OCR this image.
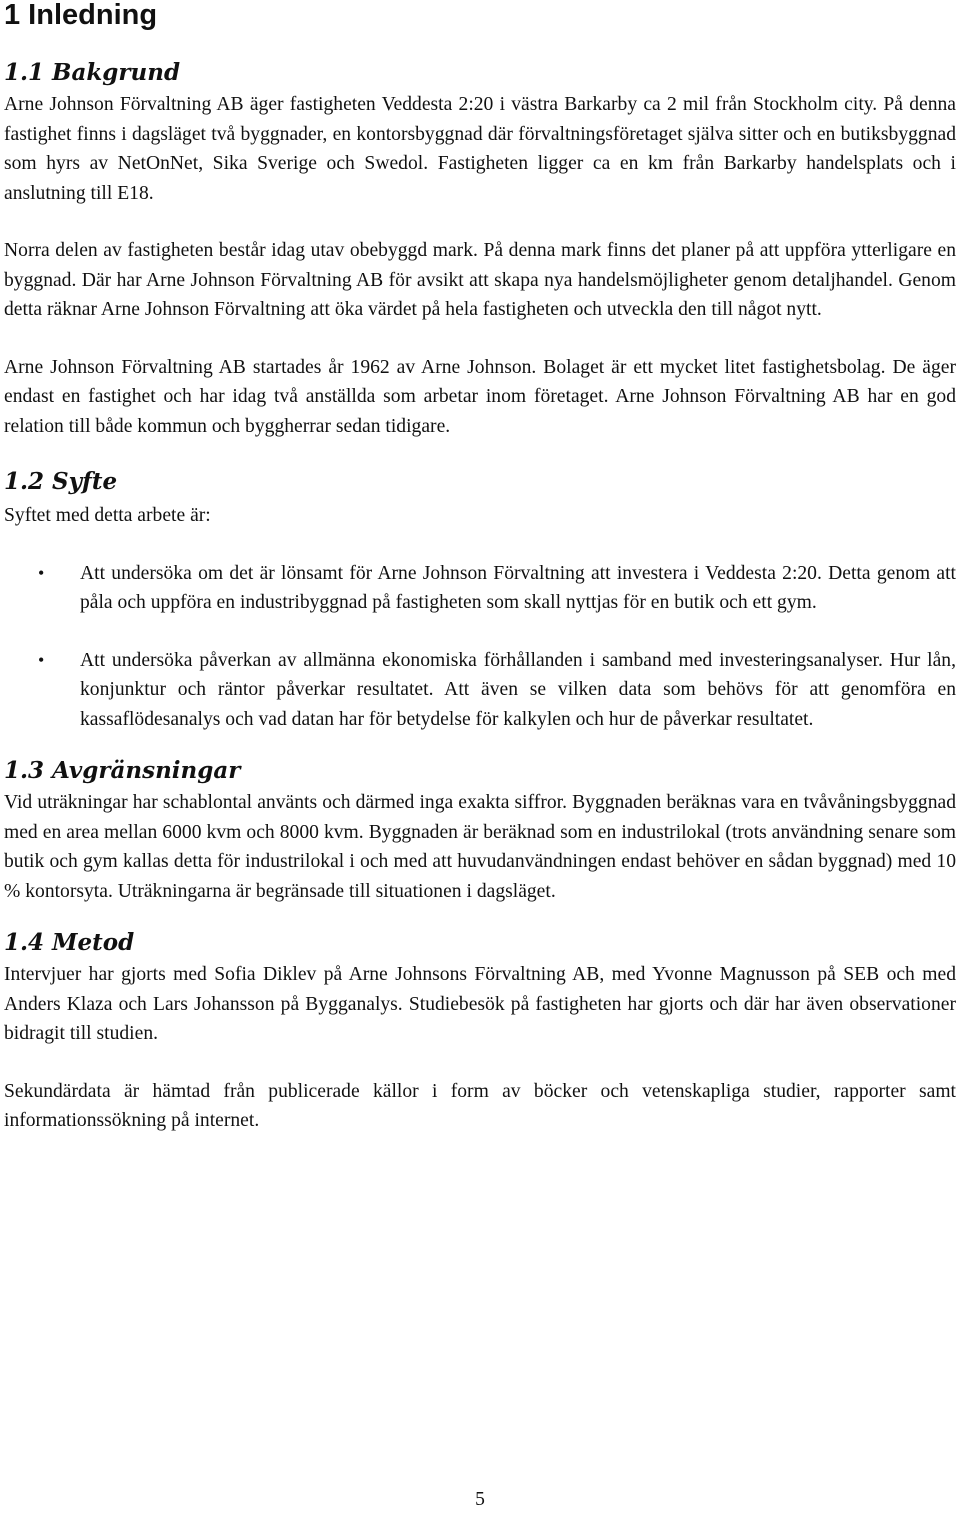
1 Inledning
1.1 Bakgrund

Arne Johnson Förvaltning AB äger fastigheten Veddesta 2:20 i västra Barkarby ca 2 mil från Stockholm city. På denna fastighet finns i dagsläget två byggnader, en kontorsbyggnad där förvaltningsföretaget själva sitter och en butiksbyggnad som hyrs av NetOnNet, Sika Sverige och Swedol. Fastigheten ligger ca en km från Barkarby handelsplats och i anslutning till E18.

Norra delen av fastigheten består idag utav obebyggd mark. På denna mark finns det planer på att uppföra ytterligare en byggnad. Där har Arne Johnson Förvaltning AB för avsikt att skapa nya handelsmöjligheter genom detaljhandel. Genom detta räknar Arne Johnson Förvaltning att öka värdet på hela fastigheten och utveckla den till något nytt.

Arne Johnson Förvaltning AB startades år 1962 av Arne Johnson. Bolaget är ett mycket litet fastighetsbolag. De äger endast en fastighet och har idag två anställda som arbetar inom företaget. Arne Johnson Förvaltning AB har en god relation till både kommun och byggherrar sedan tidigare.

1.2 Syfte

Syftet med detta arbete är:

• Att undersöka om det är lönsamt för Arne Johnson Förvaltning att investera i Veddesta 2:20. Detta genom att påla och uppföra en industribyggnad på fastigheten som skall nyttjas för en butik och ett gym.

• Att undersöka påverkan av allmänna ekonomiska förhållanden i samband med investeringsanalyser. Hur lån, konjunktur och räntor påverkar resultatet. Att även se vilken data som behövs för att genomföra en kassaflödesanalys och vad datan har för betydelse för kalkylen och hur de påverkar resultatet.

1.3 Avgränsningar

Vid uträkningar har schablontal använts och därmed inga exakta siffror. Byggnaden beräknas vara en tvåvåningsbyggnad med en area mellan 6000 kvm och 8000 kvm. Byggnaden är beräknad som en industrilokal (trots användning senare som butik och gym kallas detta för industrilokal i och med att huvudanvändningen endast behöver en sådan byggnad) med 10 % kontorsyta. Uträkningarna är begränsade till situationen i dagsläget.

1.4 Metod

Intervjuer har gjorts med Sofia Diklev på Arne Johnsons Förvaltning AB, med Yvonne Magnusson på SEB och med Anders Klaza och Lars Johansson på Bygganalys. Studiebesök på fastigheten har gjorts och där har även observationer bidragit till studien.

Sekundärdata är hämtad från publicerade källor i form av böcker och vetenskapliga studier, rapporter samt informationssökning på internet.

5
